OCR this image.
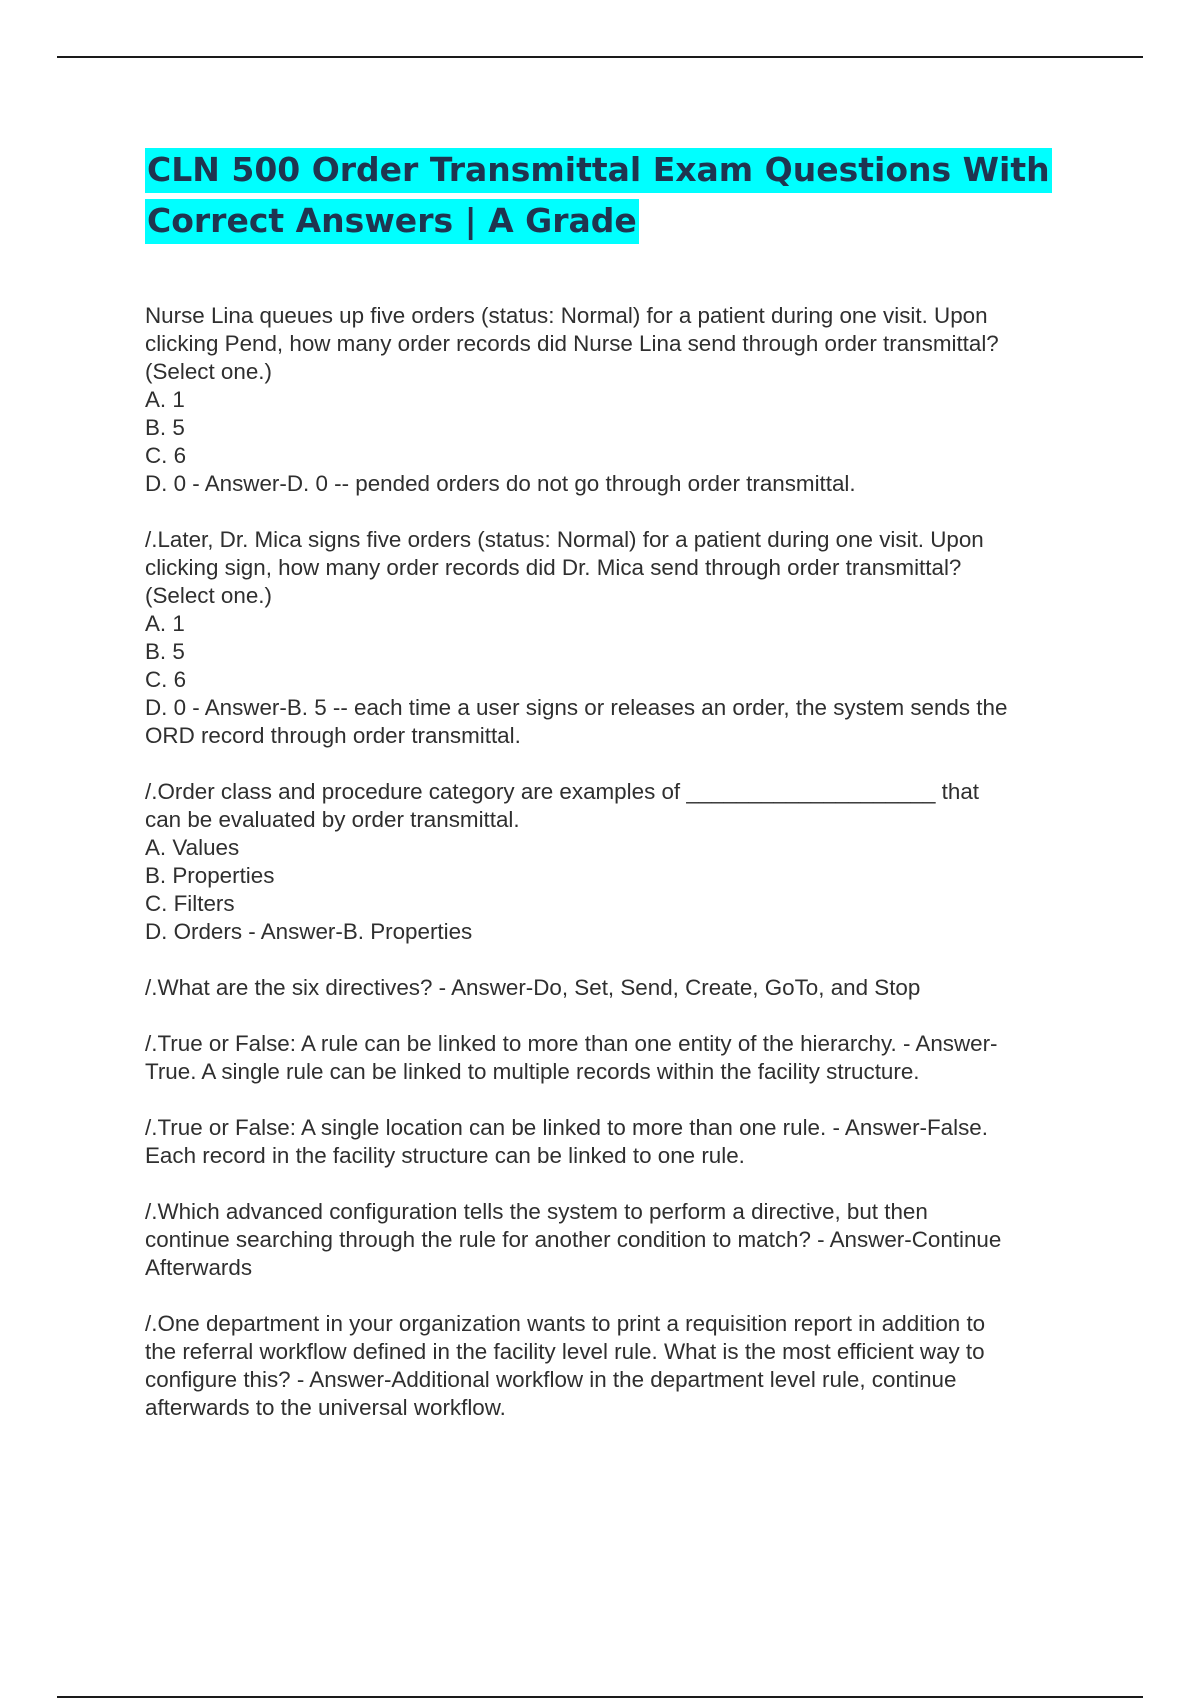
CLN 500 Order Transmittal Exam Questions With
Correct Answers | A Grade
Nurse Lina queues up five orders (status: Normal) for a patient during one visit. Upon
clicking Pend, how many order records did Nurse Lina send through order transmittal?
(Select one.)
A. 1
B. 5
C. 6
D. 0 - Answer-D. 0 -- pended orders do not go through order transmittal.
/.Later, Dr. Mica signs five orders (status: Normal) for a patient during one visit. Upon
clicking sign, how many order records did Dr. Mica send through order transmittal?
(Select one.)
A. 1
B. 5
C. 6
D. 0 - Answer-B. 5 -- each time a user signs or releases an order, the system sends the
ORD record through order transmittal.
/.Order class and procedure category are examples of ____________________ that
can be evaluated by order transmittal.
A. Values
B. Properties
C. Filters
D. Orders - Answer-B. Properties
/.What are the six directives? - Answer-Do, Set, Send, Create, GoTo, and Stop
/.True or False: A rule can be linked to more than one entity of the hierarchy. - Answer-
True. A single rule can be linked to multiple records within the facility structure.
/.True or False: A single location can be linked to more than one rule. - Answer-False.
Each record in the facility structure can be linked to one rule.
/.Which advanced configuration tells the system to perform a directive, but then
continue searching through the rule for another condition to match? - Answer-Continue
Afterwards
/.One department in your organization wants to print a requisition report in addition to
the referral workflow defined in the facility level rule. What is the most efficient way to
configure this? - Answer-Additional workflow in the department level rule, continue
afterwards to the universal workflow.
